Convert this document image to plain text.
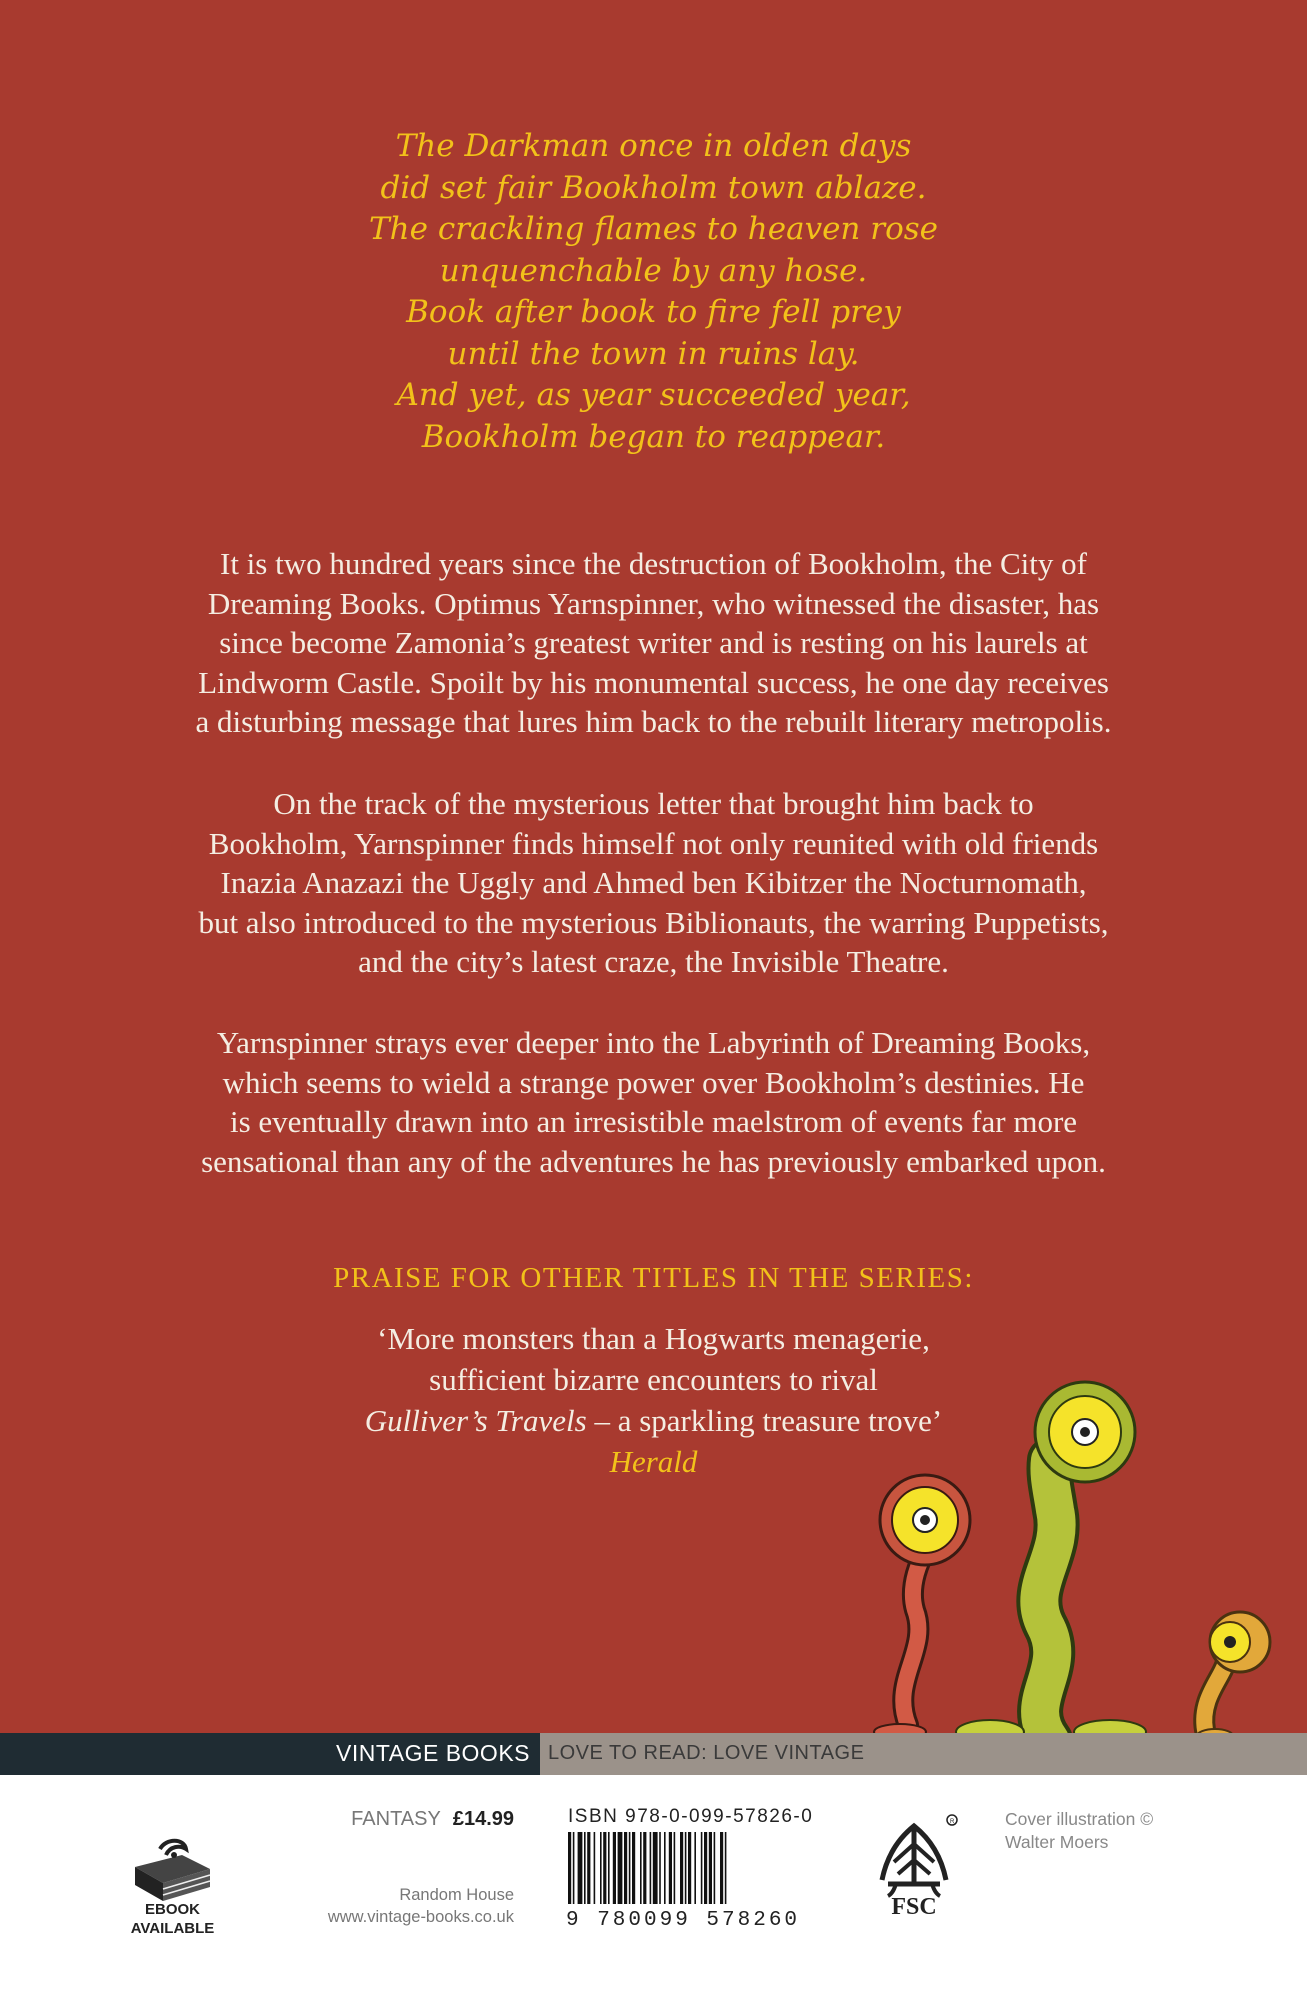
The Darkman once in olden days
did set fair Bookholm town ablaze.
The crackling flames to heaven rose
unquenchable by any hose.
Book after book to fire fell prey
until the town in ruins lay.
And yet, as year succeeded year,
Bookholm began to reappear.
It is two hundred years since the destruction of Bookholm, the City of
Dreaming Books. Optimus Yarnspinner, who witnessed the disaster, has
since become Zamonia’s greatest writer and is resting on his laurels at
Lindworm Castle. Spoilt by his monumental success, he one day receives
a disturbing message that lures him back to the rebuilt literary metropolis.
On the track of the mysterious letter that brought him back to
Bookholm, Yarnspinner finds himself not only reunited with old friends
Inazia Anazazi the Uggly and Ahmed ben Kibitzer the Nocturnomath,
but also introduced to the mysterious Biblionauts, the warring Puppetists,
and the city’s latest craze, the Invisible Theatre.
Yarnspinner strays ever deeper into the Labyrinth of Dreaming Books,
which seems to wield a strange power over Bookholm’s destinies. He
is eventually drawn into an irresistible maelstrom of events far more
sensational than any of the adventures he has previously embarked upon.
PRAISE FOR OTHER TITLES IN THE SERIES:
‘More monsters than a Hogwarts menagerie,
sufficient bizarre encounters to rival
Gulliver’s Travels – a sparkling treasure trove’
Herald
VINTAGE BOOKS LOVE TO READ: LOVE VINTAGE
EBOOK
AVAILABLE
FANTASY £14.99
Random House
www.vintage-books.co.uk
ISBN 978-0-099-57826-0
9 780099 578260
R
FSC
Cover illustration ©
Walter Moers
